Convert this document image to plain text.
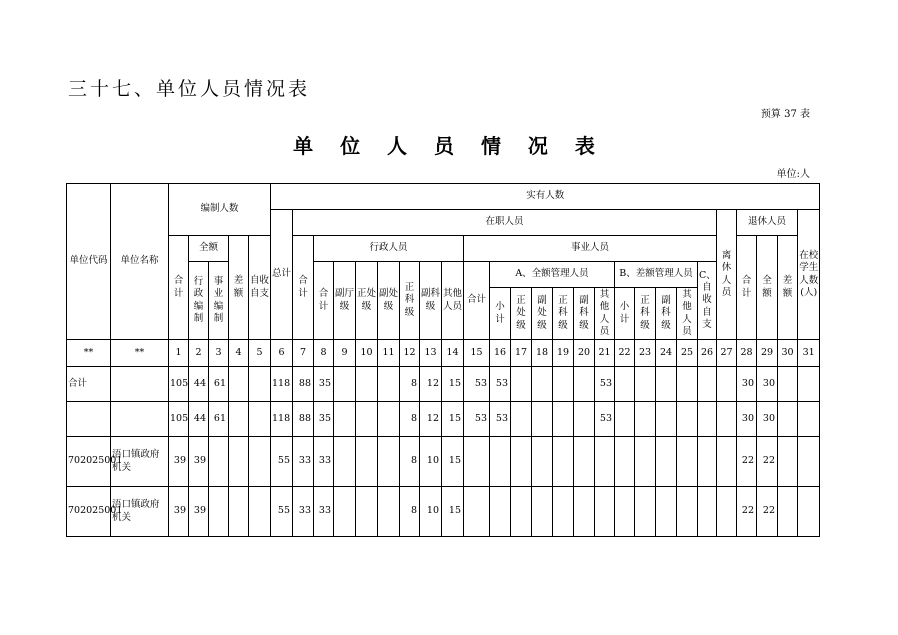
三十七、单位人员情况表
预算 37 表
单 位 人 员 情 况 表
单位:人
单位代码	单位名称	编制人数					实有人数																									
							总计	在职人员																				离休人员	退休人员			在校学生人数(人)
		合计	全额		差额	自收自支		合计	行政人员							事业人员													合计	全额	差额	
			行政编制	事业编制					合计	副厅级	正处级	副处级	正科级	副科级	其他人员	合计	A、全额管理人员						B、差额管理人员				C、自收自支					
																	小计	正处级	副处级	正科级	副科级	其他人员	小计	正科级	副科级	其他人员						

**	**	1	2	3	4	5	6	7	8	9	10	11	12	13	14	15	16	17	18	19	20	21	22	23	24	25	26	27	28	29	30	31
合计		105	44	61			118	88	35				8	12	15	53	53					53							30	30		
		105	44	61			118	88	35				8	12	15	53	53					53							30	30		
702025001	浯口镇政府机关	39	39				55	33	33				8	10	15														22	22		
702025001	浯口镇政府机关	39	39				55	33	33				8	10	15														22	22		
